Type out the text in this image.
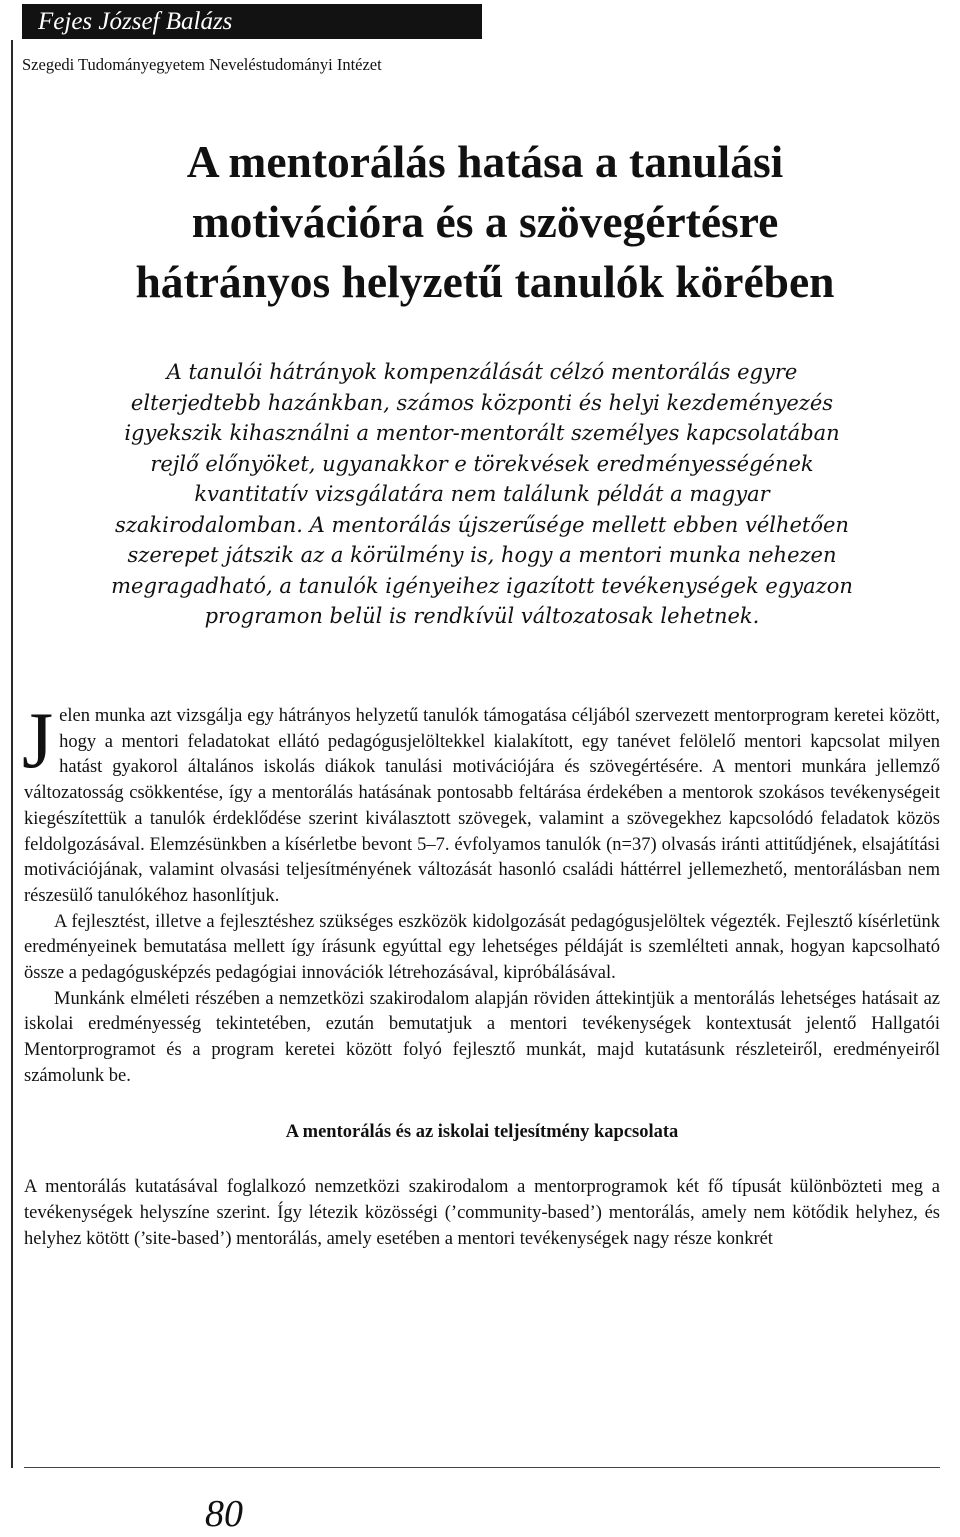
Fejes József Balázs
Szegedi Tudományegyetem Neveléstudományi Intézet
A mentorálás hatása a tanulási
motivációra és a szövegértésre
hátrányos helyzetű tanulók körében
A tanulói hátrányok kompenzálását célzó mentorálás egyre
elterjedtebb hazánkban, számos központi és helyi kezdeményezés
igyekszik kihasználni a mentor-mentorált személyes kapcsolatában
rejlő előnyöket, ugyanakkor e törekvések eredményességének
kvantitatív vizsgálatára nem találunk példát a magyar
szakirodalomban. A mentorálás újszerűsége mellett ebben vélhetően
szerepet játszik az a körülmény is, hogy a mentori munka nehezen
megragadható, a tanulók igényeihez igazított tevékenységek egyazon
programon belül is rendkívül változatosak lehetnek.

Jelen munka azt vizsgálja egy hátrányos helyzetű tanulók támogatása céljából szervezett mentorprogram keretei között, hogy a mentori feladatokat ellátó pedagógusjelöltekkel kialakított, egy tanévet felölelő mentori kapcsolat milyen hatást gyakorol általános iskolás diákok tanulási motivációjára és szövegértésére. A mentori munkára jellemző változatosság csökkentése, így a mentorálás hatásának pontosabb feltárása érdekében a mentorok szokásos tevékenységeit kiegészítettük a tanulók érdeklődése szerint kiválasztott szövegek, valamint a szövegekhez kapcsolódó feladatok közös feldolgozásával. Elemzésünkben a kísérletbe bevont 5–7. évfolyamos tanulók (n=37) olvasás iránti attitűdjének, elsajátítási motivációjának, valamint olvasási teljesítményének változását hasonló családi háttérrel jellemezhető, mentorálásban nem részesülő tanulókéhoz hasonlítjuk.

A fejlesztést, illetve a fejlesztéshez szükséges eszközök kidolgozását pedagógusjelöltek végezték. Fejlesztő kísérletünk eredményeinek bemutatása mellett így írásunk egyúttal egy lehetséges példáját is szemlélteti annak, hogyan kapcsolható össze a pedagógusképzés pedagógiai innovációk létrehozásával, kipróbálásával.

Munkánk elméleti részében a nemzetközi szakirodalom alapján röviden áttekintjük a mentorálás lehetséges hatásait az iskolai eredményesség tekintetében, ezután bemutatjuk a mentori tevékenységek kontextusát jelentő Hallgatói Mentorprogramot és a program keretei között folyó fejlesztő munkát, majd kutatásunk részleteiről, eredményeiről számolunk be.

A mentorálás és az iskolai teljesítmény kapcsolata

A mentorálás kutatásával foglalkozó nemzetközi szakirodalom a mentorprogramok két fő típusát különbözteti meg a tevékenységek helyszíne szerint. Így létezik közösségi (’community-based’) mentorálás, amely nem kötődik helyhez, és helyhez kötött (’site-based’) mentorálás, amely esetében a mentori tevékenységek nagy része konkrét

80
